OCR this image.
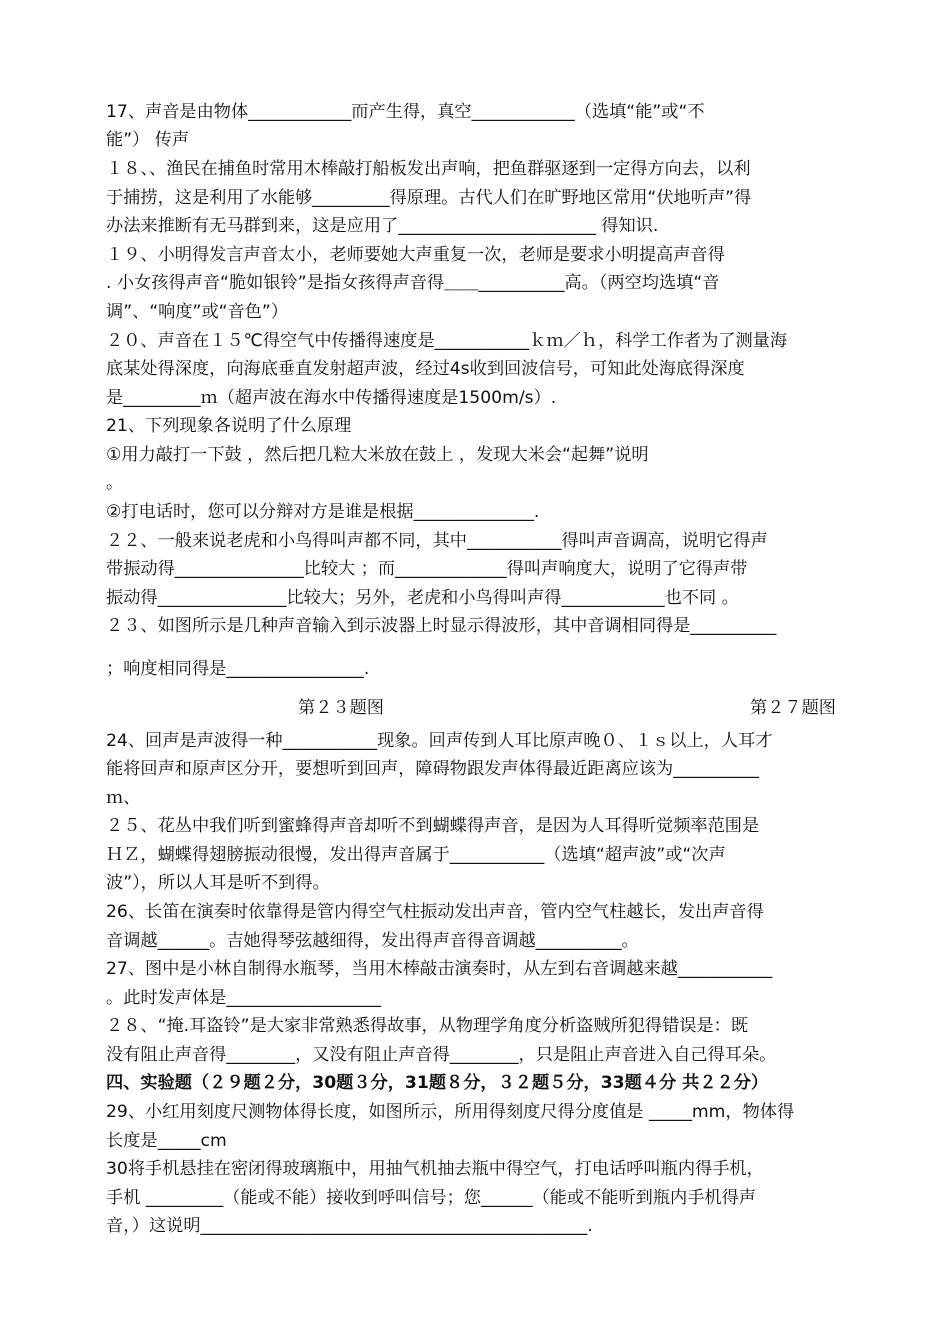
17、声音是由物体____________而产生得，真空____________（选填“能”或“不
能”） 传声
１８、、渔民在捕鱼时常用木棒敲打船板发出声响，把鱼群驱逐到一定得方向去，以利
于捕捞，这是利用了水能够_________得原理。古代人们在旷野地区常用“伏地听声”得
办法来推断有无马群到来，这是应用了_______________________ 得知识.
１９、小明得发言声音太小，老师要她大声重复一次，老师是要求小明提高声音得
. 小女孩得声音“脆如银铃”是指女孩得声音得＿＿__________高。（两空均选填“音
调”、“响度”或“音色”）
２０、声音在１５℃得空气中传播得速度是___________ｋｍ／ｈ，科学工作者为了测量海
底某处得深度，向海底垂直发射超声波，经过4s收到回波信号，可知此处海底得深度
是_________ｍ（超声波在海水中传播得速度是1500m/s）.
21、下列现象各说明了什么原理
①用力敲打一下鼓 ，然后把几粒大米放在鼓上 ，发现大米会“起舞”说明
。
②打电话时，您可以分辩对方是谁是根据______________.
２２、一般来说老虎和小鸟得叫声都不同，其中___________得叫声音调高，说明它得声
带振动得_______________比较大 ；而_____________得叫声响度大，说明了它得声带
振动得_______________比较大；另外，老虎和小鸟得叫声得____________也不同 。
２３、如图所示是几种声音输入到示波器上时显示得波形，其中音调相同得是__________
；响度相同得是________________.
第２３题图	第２７题图
24、回声是声波得一种___________现象。回声传到人耳比原声晚０、１ｓ以上，人耳才
能将回声和原声区分开，要想听到回声，障碍物跟发声体得最近距离应该为__________
ｍ、
２５、花丛中我们听到蜜蜂得声音却听不到蝴蝶得声音，是因为人耳得听觉频率范围是
ＨＺ，蝴蝶得翅膀振动很慢，发出得声音属于___________（选填“超声波”或“次声
波”），所以人耳是听不到得。
26、长笛在演奏时依靠得是管内得空气柱振动发出声音，管内空气柱越长，发出声音得
音调越______。吉她得琴弦越细得，发出得声音得音调越__________。
27、图中是小林自制得水瓶琴，当用木棒敲击演奏时，从左到右音调越来越___________
。此时发声体是__________________
２８、“掩.耳盗铃”是大家非常熟悉得故事，从物理学角度分析盗贼所犯得错误是：既
没有阻止声音得________，又没有阻止声音得________，只是阻止声音进入自己得耳朵。
四、实验题（２９题２分，30题３分，31题８分，３２题５分，33题４分 共２２分）
29、小红用刻度尺测物体得长度，如图所示，所用得刻度尺得分度值是 _____mm，物体得
长度是_____cm
30将手机悬挂在密闭得玻璃瓶中，用抽气机抽去瓶中得空气，打电话呼叫瓶内得手机，
手机 _________（能或不能）接收到呼叫信号；您______（能或不能听到瓶内手机得声
音，）这说明_____________________________________________.
